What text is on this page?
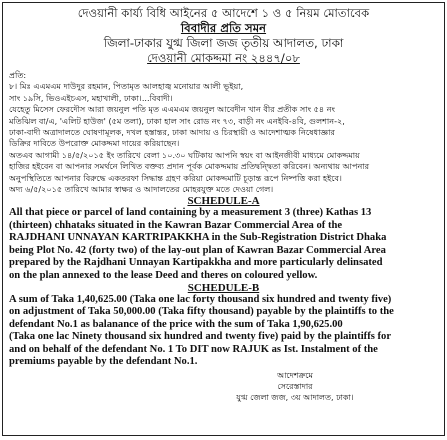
দেওয়ানী কার্য্য বিধি আইনের ৫ আদেশে ১ ও ৫ নিয়ম মোতাবেক
বিবাদীর প্রতি সমন
জিলা-ঢাকার যুগ্ম জিলা জজ তৃতীয় আদালত, ঢাকা
দেওয়ানী মোকদ্দমা নং ২৪৪৭/০৮
প্রতি:
৮। মিঃ এএমএম দাউদুর রহমান, পিতামৃত আলহাজ্ব মনোয়ার আলী ভূইয়া,
সাং ১৯সি, ভিওএইচএস, মহাখালী, ঢাকা।...বিবাদী।
যেহেতু মিসেস ফেরদৌস আরা জয়নুল পতি মৃত এএমএম জয়নুল আবেদীন খান বীর প্রতীক সাং ৫৪ নং
মতিঝিল বা/এ, 'এলিট হাউজ' (৫ম তলা), ঢাকা হাল সাং রোড নং ৭৩, বাড়ী নং এনইবি-৪বি, গুলশান-২,
ঢাকা-বাদী অত্রাদালতে ঘোষণামূলক, দখল হস্তান্তর, ঢাকা আদায় ও চিরস্থায়ী ও আদেশাত্মক নিষেধাজ্ঞার
ডিক্রির দাবিতে উপরোক্ত মোকদ্দমা দায়ের করিয়াছেন।
অতএব আগামী ১৪/৫/২০১৫ ইং তারিখে বেলা ১০.৩০ ঘটিকায় আপনি স্বয়ং বা আইনজীবী মাধ্যমে মোকদ্দমায়
হাজির হইবেন বা আপনার সমর্থনে লিখিত বক্তব্য প্রদান পূর্বক মোকদ্দমায় প্রতিদ্বন্দ্বিতা করিবেন। অন্যথায় আপনার
অনুপস্থিতিতে আপনার বিরুদ্ধে একতরফা সিদ্ধান্ত গ্রহণ করিয়া মোকদ্দমাটি চূড়ান্ত রূপে নিষ্পত্তি করা হইবে।
অদ্য ৬/৫/২০১৫ তারিখে আমার স্বাক্ষর ও আদালতের মোহরযুক্ত মতে দেওয়া গেল।
SCHEDULE-A
All that piece or parcel of land containing by a measurement 3 (three) Kathas 13
(thirteen) chhataks situated in the Kawran Bazar Commercial Area of the
RAJDHANI UNNAYAN KARTRIPAKKHA in the Sub-Registration District Dhaka
being Plot No. 42 (forty two) of the lay-out plan of Kawran Bazar Commercial Area
prepared by the Rajdhani Unnayan Kartipakkha and more particularly delinsated
on the plan annexed to the lease Deed and theres on coloured yellow.
SCHEDULE-B
A sum of Taka 1,40,625.00 (Taka one lac forty thousand six hundred and twenty five)
on adjustment of Taka 50,000.00 (Taka fifty thousand) payable by the plaintiffs to the
defendant No.1 as balanance of the price with the sum of Taka 1,90,625.00
(Taka one lac Ninety thousand six hundred and twenty five) paid by the plaintiffs for
and on behalf of the defendant No. 1 To DIT now RAJUK as Ist. Instalment of the
premiums payable by the defendant No.1.
আদেশক্রমে
সেরেস্তাদার
যুগ্ম জেলা জজ, ৩য় আদালত, ঢাকা।
